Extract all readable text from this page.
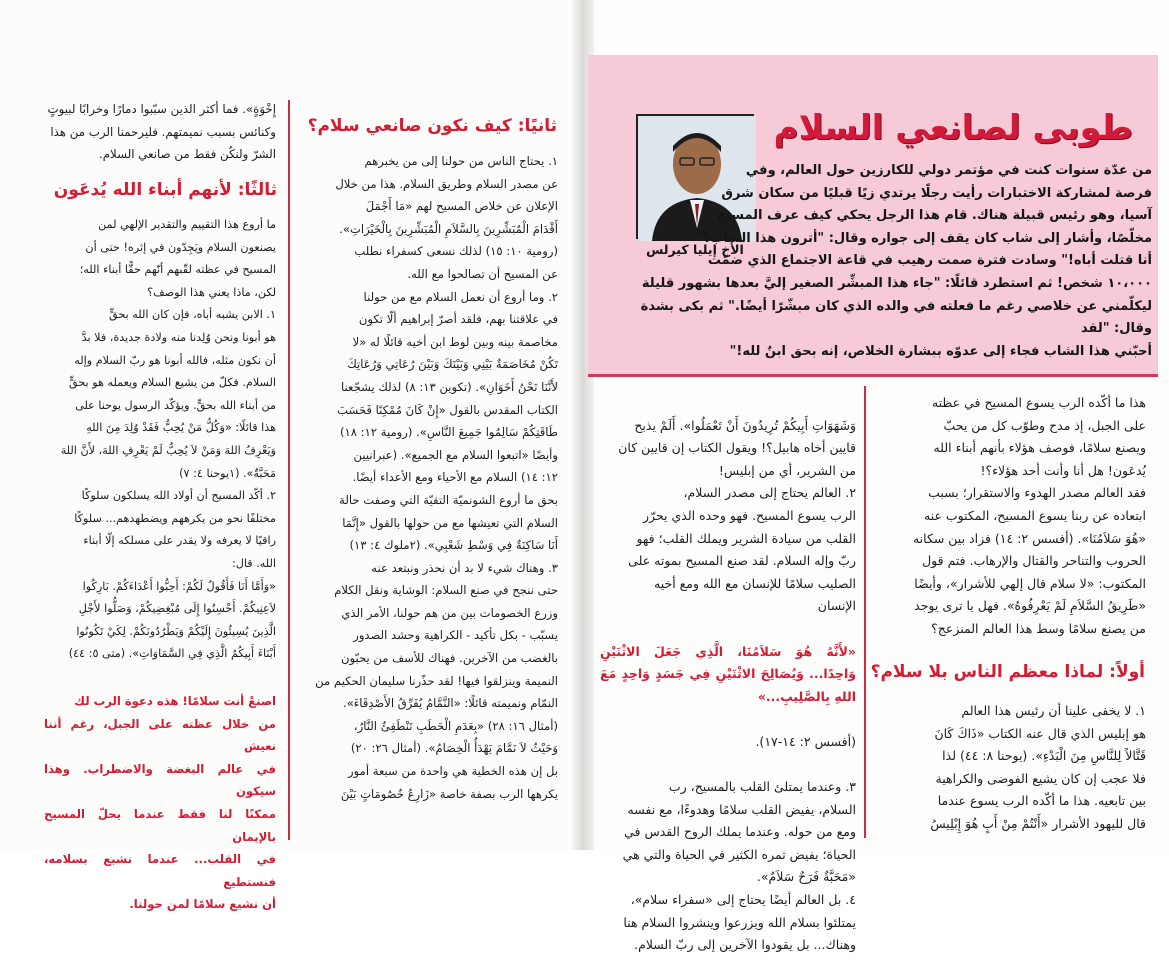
طوبى لصانعي السلام
الأخ إيليا كيرلس
من عدّة سنوات كنت في مؤتمر دولي للكارزين حول العالم، وفي
فرصة لمشاركة الاختبارات رأيت رجلًا يرتدي زيًا قبليًا من سكان شرق
آسيا، وهو رئيس قبيلة هناك. قام هذا الرجل يحكي كيف عرف المسيح
مخلّصًا، وأشار إلى شاب كان يقف إلى جواره وقال: "أترون هذا الشاب؟"
أنا قتلت أباه!" وسادت فترة صمت رهيب في قاعة الاجتماع الذي ضمّت
١٠،٠٠٠ شخص! ثم استطرد قائلًا: "جاء هذا المبشِّر الصغير إليَّ بعدها بشهور قليلة
ليكلّمني عن خلاصي رغم ما فعلته في والده الذي كان مبشّرًا أيضًا." ثم بكى بشدة وقال: "لقد
أحبّني هذا الشاب فجاء إلى عدوّه ببشارة الخلاص، إنه بحق ابنٌ لله!"
هذا ما أكّده الرب يسوع المسيح في عظته
على الجبل، إذ مدح وطوّب كل من يحبّ
ويصنع سلامًا، فوصف هؤلاء بأنهم أبناء الله
يُدعَون! هل أنا وأنت أحد هؤلاء؟!
فقد العالم مصدر الهدوء والاستقرار؛ بسبب
ابتعاده عن ربنا يسوع المسيح، المكتوب عنه
«هُوَ سَلاَمُنَا». (أفسس ٢: ١٤) فزاد بين سكانه
الحروب والتناحر والقتال والإرهاب. فتم قول
المكتوب: «لا سلام قال إلهي للأشرار»، وأيضًا
«طَرِيقُ السَّلاَمِ لَمْ يَعْرِفُوهُ». فهل يا ترى يوجد
من يصنع سلامًا وسط هذا العالم المنزعج؟
أولاً: لماذا معظم الناس بلا سلام؟
١. لا يخفى علينا أن رئيس هذا العالم
هو إبليس الذي قال عنه الكتاب «ذَاكَ كَانَ
قَتَّالاً لِلنَّاسِ مِنَ الْبَدْءِ». (يوحنا ٨: ٤٤) لذا
فلا عجب إن كان يشيع الفوضى والكراهية
بين تابعيه. هذا ما أكّده الرب يسوع عندما
قال لليهود الأشرار «أَنْتُمْ مِنْ أَبٍ هُوَ إِبْلِيسُ

وَشَهَوَاتِ أَبِيكُمْ تُرِيدُونَ أَنْ تَعْمَلُوا». أَلَمْ يذبح
قايين أخاه هابيل؟! ويقول الكتاب إن قايين كان
من الشرير، أي من إبليس!
٢. العالم يحتاج إلى مصدر السلام،
الرب يسوع المسيح. فهو وحده الذي يحرّر
القلب من سيادة الشرير ويملك القلب؛ فهو
ربّ وإله السلام. لقد صنع المسيح بموته على
الصليب سلامًا للإنسان مع الله ومع أخيه
الإنسان

«لأَنَّهُ هُوَ سَلاَمُنَا، الَّذِي جَعَلَ الاثْنَيْنِ وَاحِدًا... وَيُصَالِحَ الاثْنَيْنِ فِي جَسَدٍ وَاحِدٍ مَعَ اللهِ بِالصَّلِيبِ...»

(أفسس ٢: ١٤-١٧).

٣. وعندما يمتلئ القلب بالمسيح، رب
السلام، يفيض القلب سلامًا وهدوءًا، مع نفسه
ومع من حوله. وعندما يملك الروح القدس في
الحياة؛ يفيض ثمره الكثير في الحياة والتي هي
«مَحَبَّةٌ فَرَحٌ سَلاَمٌ».
٤. بل العالم أيضًا يحتاج إلى «سفراء سلام»،
يمتلئوا بسلام الله ويزرعوا وينشروا السلام هنا
وهناك... بل يقودوا الآخرين إلى ربّ السلام.

ثانيًا: كيف نكون صانعي سلام؟
١. يحتاج الناس من حولنا إلى من يخبرهم
عن مصدر السلام وطريق السلام. هذا من خلال
الإعلان عن خلاص المسيح لهم «مَا أَجْمَلَ
أَقْدَامَ الْمُبَشِّرِينَ بِالسَّلاَمِ الْمُبَشِّرِينَ بِالْخَيْرَاتِ».
(رومية ١٠: ١٥) لذلك نسعى كسفراء نطلب
عن المسيح أن تصالحوا مع الله.
٢. وما أروع أن نعمل السلام مع من حولنا
في علاقتنا بهم، فلقد أصرّ إبراهيم ألّا تكون
مخاصمة بينه وبين لوط ابن أخيه قائلًا له «لا
تَكُنْ مُخَاصَمَةٌ بَيْنِي وَبَيْنَكَ وَبَيْنَ رُعَاتِي وَرُعَاتِكَ
لأَنَّنَا نَحْنُ أَخَوَانِ». (تكوين ١٣: ٨) لذلك يشجّعنا
الكتاب المقدس بالقول «إِنْ كَانَ مُمْكِنًا فَحَسَبَ
طَاقَتِكُمْ سَالِمُوا جَمِيعَ النَّاسِ». (رومية ١٢: ١٨)
وأيضًا «اتبعوا السلام مع الجميع». (عبرانيين
١٢: ١٤) السلام مع الأحياء ومع الأعداء أيضًا.
بحق ما أروع الشونميّة التقيّة التي وصفت حالة
السلام التي تعيشها مع من حولها بالقول «إِنَّمَا
أَنَا سَاكِنَةٌ فِي وَسْطِ شَعْبِي». (٢ملوك ٤: ١٣)
٣. وهناك شيء لا بد أن نحذر ونبتعد عنه
حتى ننجح في صنع السلام: الوشاية ونقل الكلام
وزرع الخصومات بين من هم حولنا، الأمر الذي
يسبّب - بكل تأكيد - الكراهية وحشد الصدور
بالغضب من الآخرين. فهناك للأسف من يحبّون
النميمة وينزلقوا فيها! لقد حذّرنا سليمان الحكيم من
النمّام ونميمته قائلًا: «النَّمَّامُ يُفَرِّقُ الأَصْدِقَاءَ».
(أمثال ١٦: ٢٨) «بِعَدَمِ الْحَطَبِ تَنْطَفِئُ النَّارُ،
وَحَيْثُ لاَ نَمَّامَ يَهْدَأُ الْخِصَامُ». (أمثال ٢٦: ٢٠)
بل إن هذه الخطية هي واحدة من سبعة أمور
يكرهها الرب بصفة خاصة «زَارِعُ خُصُومَاتٍ بَيْنَ
إِخْوَةٍ». فما أكثر الذين سبّبوا دمارًا وخرابًا لبيوتٍ
وكنائس بسبب نميمتهم. فليرحمنا الرب من هذا
الشرّ ولنكُن فقط من صانعي السلام.
ثالثًا: لأنهم أبناء الله يُدعَون
ما أروع هذا التقييم والتقدير الإلهي لمن
يصنعون السلام ويَجِدّون في إثره! حتى أن
المسيح في عظته لقّبهم أنّهم حقًّا أبناء الله؛
لكن، ماذا يعني هذا الوصف؟
١. الابن يشبه أباه، فإن كان الله بحقٍّ
هو أبونا ونحن وُلِدنا منه ولادة جديدة، فلا بدَّ
أن نكون مثله، فالله أبونا هو ربّ السلام وإله
السلام. فكلّ من يشيع السلام ويعمله هو بحقٍّ
من أبناء الله بحقٍّ. ويؤكّد الرسول يوحنا على
هذا قائلًا: «وَكُلُّ مَنْ يُحِبُّ فَقَدْ وُلِدَ مِنَ اللهِ
وَيَعْرِفُ اللهَ وَمَنْ لاَ يُحِبُّ لَمْ يَعْرِفِ اللهَ، لأَنَّ اللهَ
مَحَبَّةٌ». (١يوحنا ٤: ٧)
٢. أكّد المسيح أن أولاد الله يسلكون سلوكًا
مختلفًا نحو من يكرههم ويضطهدهم... سلوكًا
راقيًا لا يعرفه ولا يقدر على مسلكه إلّا أبناء
الله. قال:
«وَأَمَّا أَنَا فَأَقُولُ لَكُمْ: أَحِبُّوا أَعْدَاءَكُمْ. بَارِكُوا
لاَعِنِيكُمْ. أَحْسِنُوا إِلَى مُبْغِضِيكُمْ، وَصَلُّوا لأَجْلِ
الَّذِينَ يُسِيئُونَ إِلَيْكُمْ وَيَطْرُدُونَكُمْ. لِكَيْ تَكُونُوا
أَبْنَاءَ أَبِيكُمُ الَّذِي فِي السَّمَاوَاتِ». (متى ٥: ٤٤)
اصنعْ أنت سلامًا! هذه دعوة الرب لك
من خلال عظته على الجبل، رغم أننا نعيش
في عالم البغضة والاضطراب. وهذا سيكون
ممكنًا لنا فقط عندما يحلّ المسيح بالإيمان
في القلب... عندما نشبع بسلامه، فنستطيع
أن نشيع سلامًا لمن حولنا.
